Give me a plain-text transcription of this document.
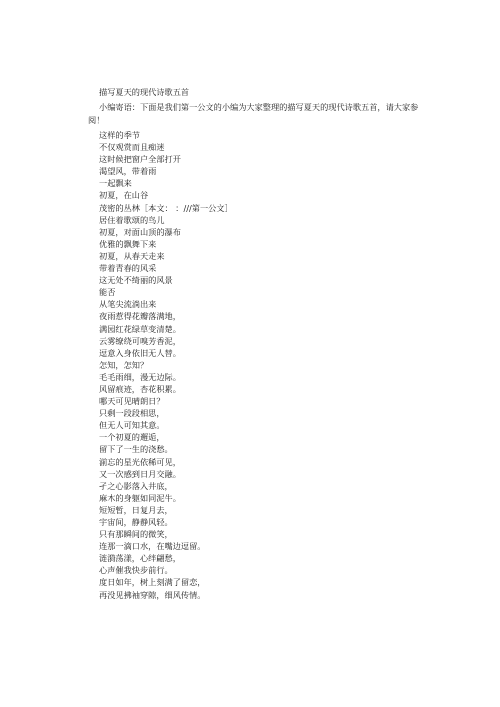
描写夏天的现代诗歌五首
小编寄语：下面是我们第一公文的小编为大家整理的描写夏天的现代诗歌五首，请大家参阅！
这样的季节
不仅观赏而且痴迷
这时候把窗户全部打开
渴望风，带着雨
一起飘来
初夏，在山谷
茂密的丛林［本文： ：///第一公文］
居住着歌颂的鸟儿
初夏，对面山顶的瀑布
优雅的飘舞下来
初夏，从春天走来
带着青春的风采
这无处不绮丽的风景
能否
从笔尖流淌出来
夜雨惹得花瓣落满地，
满园红花绿草变清楚。
云雾缭绕可嗅芳香泥，
逗意入身依旧无人替。
怎知，怎知？
毛毛雨细，漫无边际。
风留痕迹，杏花积累。
哪天可见晴朗日？
只剩一段段相思，
但无人可知其意。
一个初夏的邂逅，
留下了一生的浇愁。
湔忘的星光依稀可见，
又一次感到日月交融。
孑之心影落入井底，
麻木的身躯如同泥牛。
短短暂，日复月去，
宇宙间，静静风轻。
只有那瞬间的微笑，
连那一滴口水，在嘴边逗留。
涟漪荡漾，心绊翩愁，
心声催我快步前行。
度日如年，树上刻满了留恋，
再没见拂袖穿隙，细风传情。
